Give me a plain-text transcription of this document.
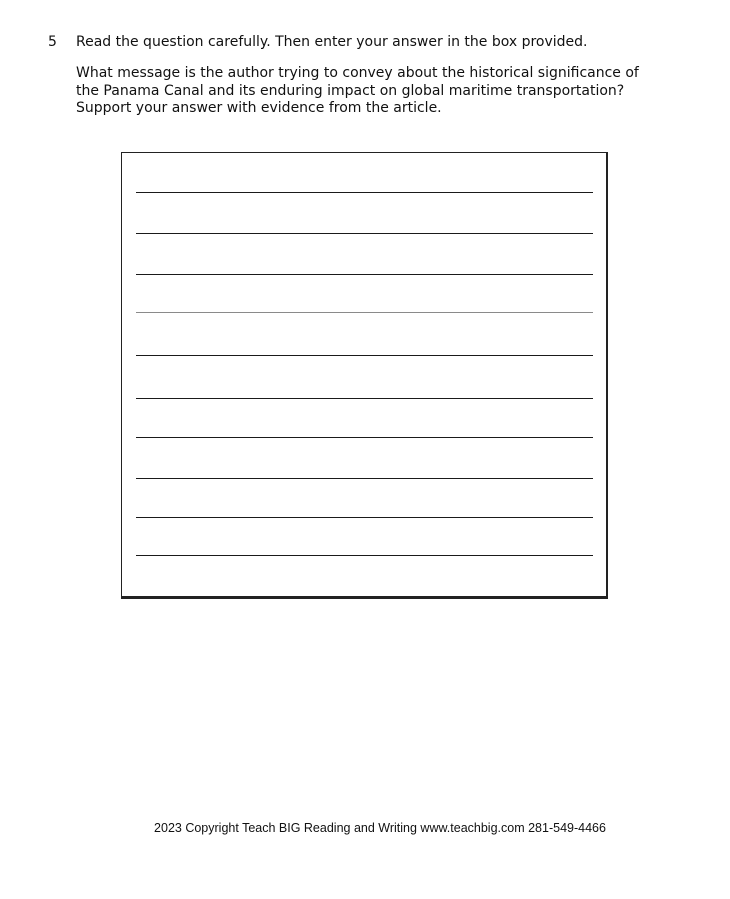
5 Read the question carefully. Then enter your answer in the box provided.
What message is the author trying to convey about the historical significance of
the Panama Canal and its enduring impact on global maritime transportation?
Support your answer with evidence from the article.
2023 Copyright Teach BIG Reading and Writing www.teachbig.com 281-549-4466
